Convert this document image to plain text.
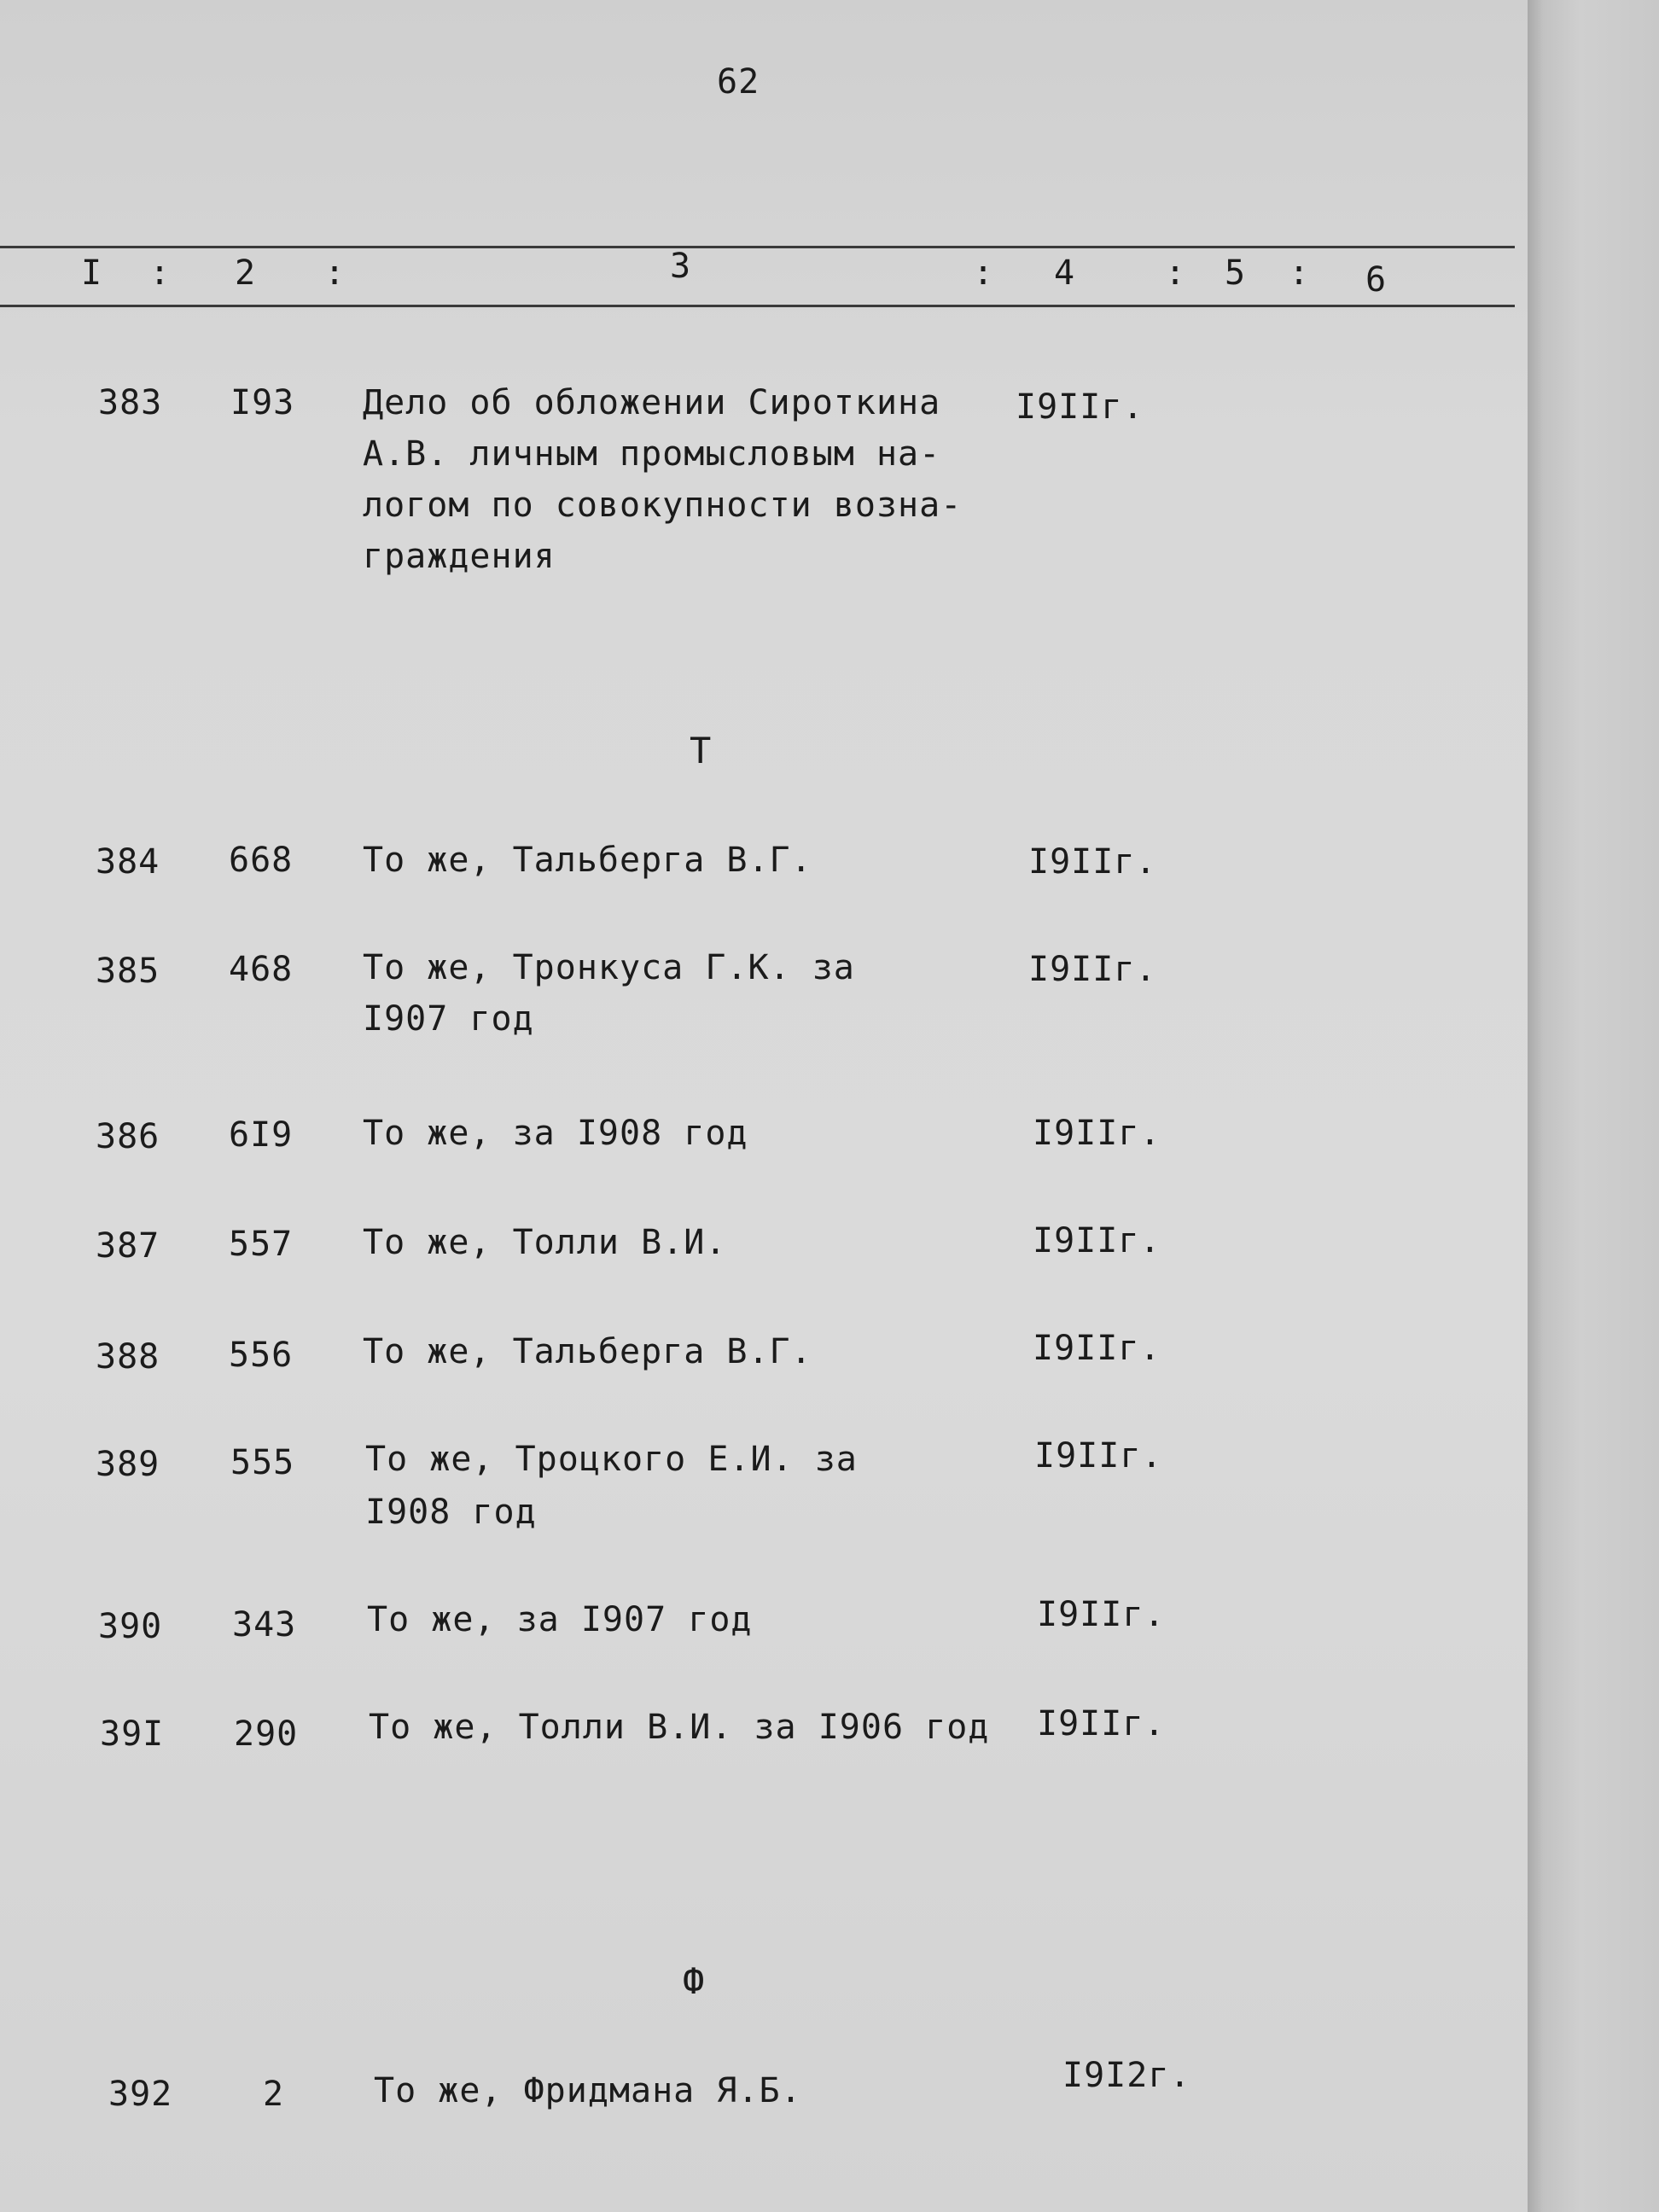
62
I : 2 :	3	: 4	: 5 : 6
383 I93 Дело об обложении Сироткина
А.В. личным промысловым на-
логом по совокупности возна-
граждения
I9IIг.
Т
384 668 То же, Тальберга В.Г.	I9IIг.
385 468 То же, Тронкуса Г.К. за
I907 год
I9IIг.
386 6I9 То же, за I908 год	I9IIг.
387 557 То же, Толли В.И.	I9IIг.
388 556 То же, Тальберга В.Г.	I9IIг.
389 555 То же, Троцкого Е.И. за
I908 год
I9IIг.
390 343 То же, за I907 год	I9IIг.
39I 290 То же, Толли В.И. за I906 год I9IIг.
Ф
392	2	То же, Фридмана Я.Б.	I9I2г.
